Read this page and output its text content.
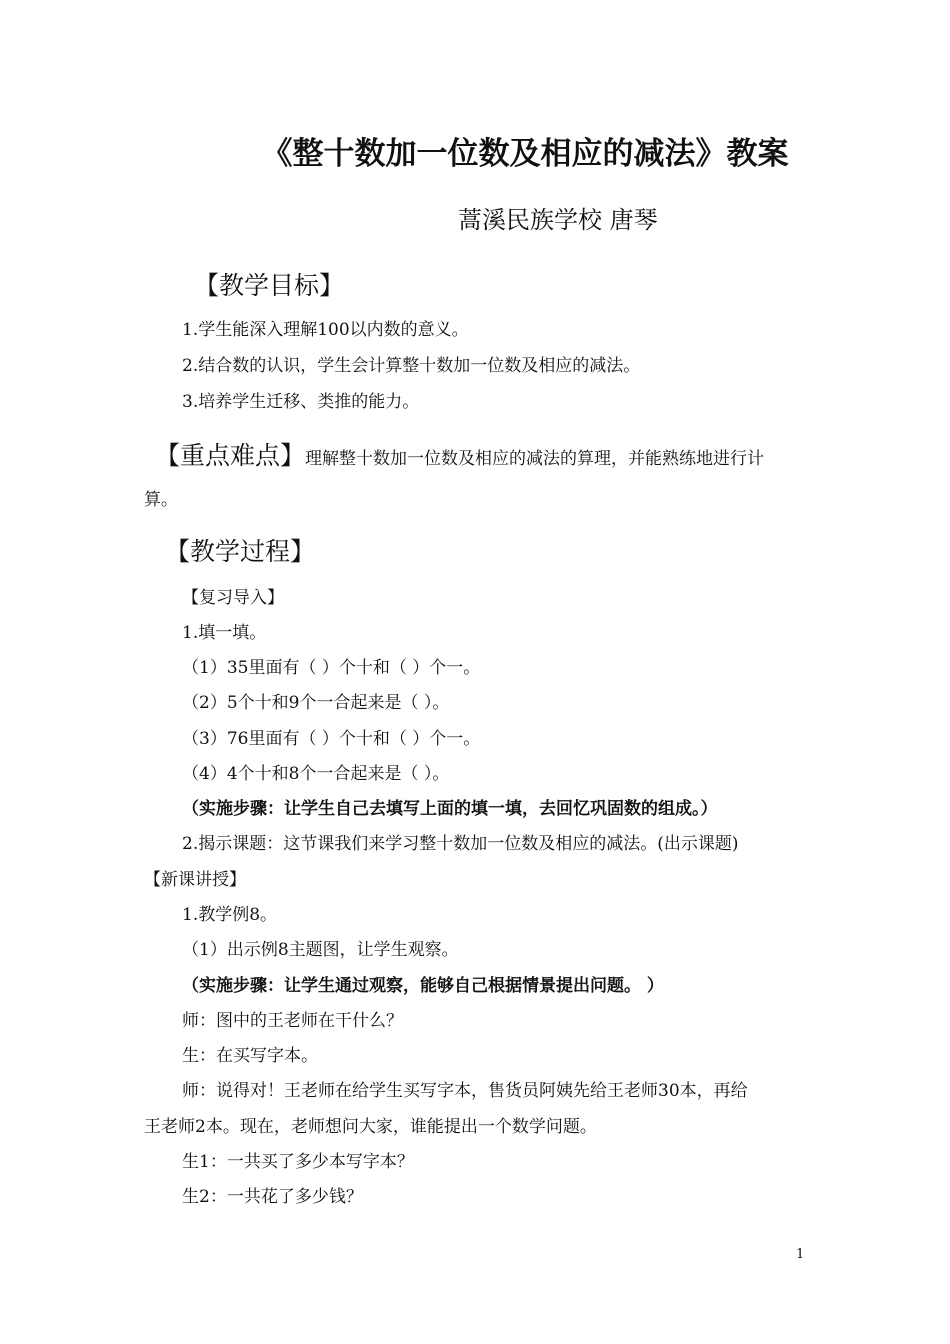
《整十数加一位数及相应的减法》教案
蒿溪民族学校 唐琴
【教学目标】
1.学生能深入理解100以内数的意义。
2.结合数的认识，学生会计算整十数加一位数及相应的减法。
3.培养学生迁移、类推的能力。
【重点难点】理解整十数加一位数及相应的减法的算理，并能熟练地进行计
算。
【教学过程】
【复习导入】
1.填一填。
（1）35里面有（ ）个十和（ ）个一。
（2）5个十和9个一合起来是（ ）。
（3）76里面有（ ）个十和（ ）个一。
（4）4个十和8个一合起来是（ ）。
（实施步骤：让学生自己去填写上面的填一填，去回忆巩固数的组成。）
2.揭示课题：这节课我们来学习整十数加一位数及相应的减法。(出示课题)
【新课讲授】
1.教学例8。
（1）出示例8主题图，让学生观察。
（实施步骤：让学生通过观察，能够自己根据情景提出问题。 ）
师：图中的王老师在干什么？
生：在买写字本。
师：说得对！王老师在给学生买写字本，售货员阿姨先给王老师30本，再给
王老师2本。现在，老师想问大家，谁能提出一个数学问题。
生1：一共买了多少本写字本？
生2：一共花了多少钱？
1
